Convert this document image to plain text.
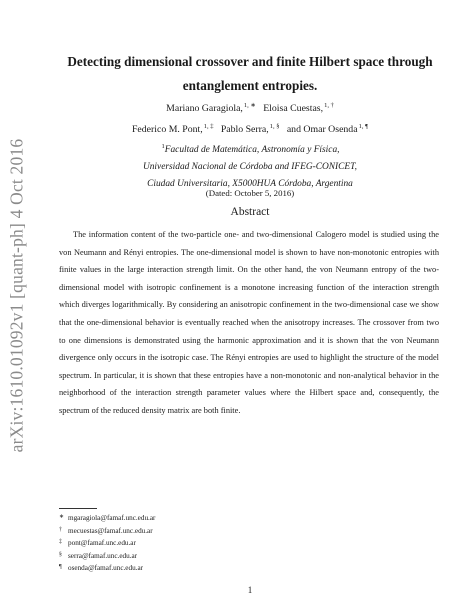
arXiv:1610.01092v1 [quant-ph] 4 Oct 2016
Detecting dimensional crossover and finite Hilbert space through
entanglement entropies.
Mariano Garagiola,$^{1, ∗}$ Eloisa Cuestas,$^{1, \dagger}$
Federico M. Pont,$^{1, \ddagger}$ Pablo Serra,$^{1, \S}$ and Omar Osenda$^{1, \P}$
$^1$Facultad de Matemática, Astronomía y Física,
Universidad Nacional de Córdoba and IFEG-CONICET,
Ciudad Universitaria, X5000HUA Córdoba, Argentina
(Dated: October 5, 2016)
Abstract

The information content of the two-particle one- and two-dimensional Calogero model is studied using the von Neumann and Rényi entropies. The one-dimensional model is shown to have non-monotonic entropies with finite values in the large interaction strength limit. On the other hand, the von Neumann entropy of the two-dimensional model with isotropic confinement is a monotone increasing function of the interaction strength which diverges logarithmically. By considering an anisotropic confinement in the two-dimensional case we show that the one-dimensional behavior is eventually reached when the anisotropy increases. The crossover from two to one dimensions is demonstrated using the harmonic approximation and it is shown that the von Neumann divergence only occurs in the isotropic case. The Rényi entropies are used to highlight the structure of the model spectrum. In particular, it is shown that these entropies have a non-monotonic and non-analytical behavior in the neighborhood of the interaction strength parameter values where the Hilbert space and, consequently, the spectrum of the reduced density matrix are both finite.

∗ mgaragiola@famaf.unc.edu.ar
† mecuestas@famaf.unc.edu.ar
‡ pont@famaf.unc.edu.ar
§ serra@famaf.unc.edu.ar
¶ osenda@famaf.unc.edu.ar
1
